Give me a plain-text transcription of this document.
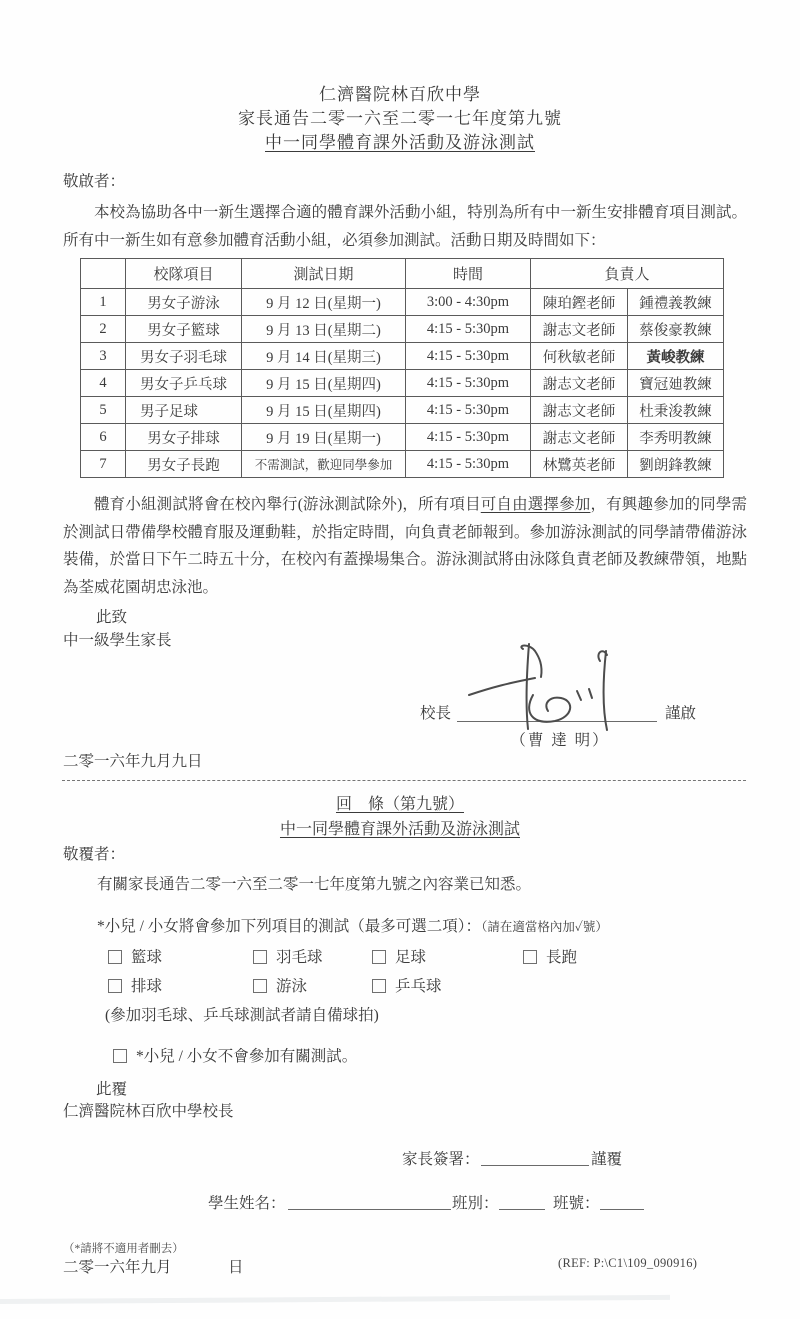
仁濟醫院林百欣中學
家長通告二零一六至二零一七年度第九號
中一同學體育課外活動及游泳測試
敬啟者：

本校為協助各中一新生選擇合適的體育課外活動小組，特別為所有中一新生安排體育項目測試。所有中一新生如有意參加體育活動小組，必須參加測試。活動日期及時間如下：

	校隊項目	測試日期	時間	負責人	
1	男女子游泳	9 月 12 日(星期一)	3:00 - 4:30pm	陳珀鏗老師	鍾禮義教練
2	男女子籃球	9 月 13 日(星期二)	4:15 - 5:30pm	謝志文老師	蔡俊豪教練
3	男女子羽毛球	9 月 14 日(星期三)	4:15 - 5:30pm	何秋敏老師	黃峻教練
4	男女子乒乓球	9 月 15 日(星期四)	4:15 - 5:30pm	謝志文老師	寶冠廸教練
5	男子足球	9 月 15 日(星期四)	4:15 - 5:30pm	謝志文老師	杜秉浚教練
6	男女子排球	9 月 19 日(星期一)	4:15 - 5:30pm	謝志文老師	李秀明教練
7	男女子長跑	不需測試，歡迎同學參加	4:15 - 5:30pm	林鷺英老師	劉朗鋒教練

體育小組測試將會在校內舉行(游泳測試除外)，所有項目可自由選擇參加，有興趣參加的同學需於測試日帶備學校體育服及運動鞋，於指定時間，向負責老師報到。參加游泳測試的同學請帶備游泳裝備，於當日下午二時五十分，在校內有蓋操場集合。游泳測試將由泳隊負責老師及教練帶領，地點為荃威花園胡忠泳池。

此致
中一級學生家長
校長	謹啟
（曹 達 明）
二零一六年九月九日
回　條（第九號）
中一同學體育課外活動及游泳測試
敬覆者：
有關家長通告二零一六至二零一七年度第九號之內容業已知悉。
*小兒 / 小女將會參加下列項目的測試（最多可選二項）：（請在適當格內加✓號）
籃球	羽毛球	足球	長跑
排球	游泳	乒乓球
(參加羽毛球、乒乓球測試者請自備球拍)
*小兒 / 小女不會參加有關測試。
此覆
仁濟醫院林百欣中學校長
家長簽署：	謹覆
學生姓名：	班別：	班號：
（*請將不適用者刪去）
二零一六年九月	日	(REF: P:\C1\109_090916)
